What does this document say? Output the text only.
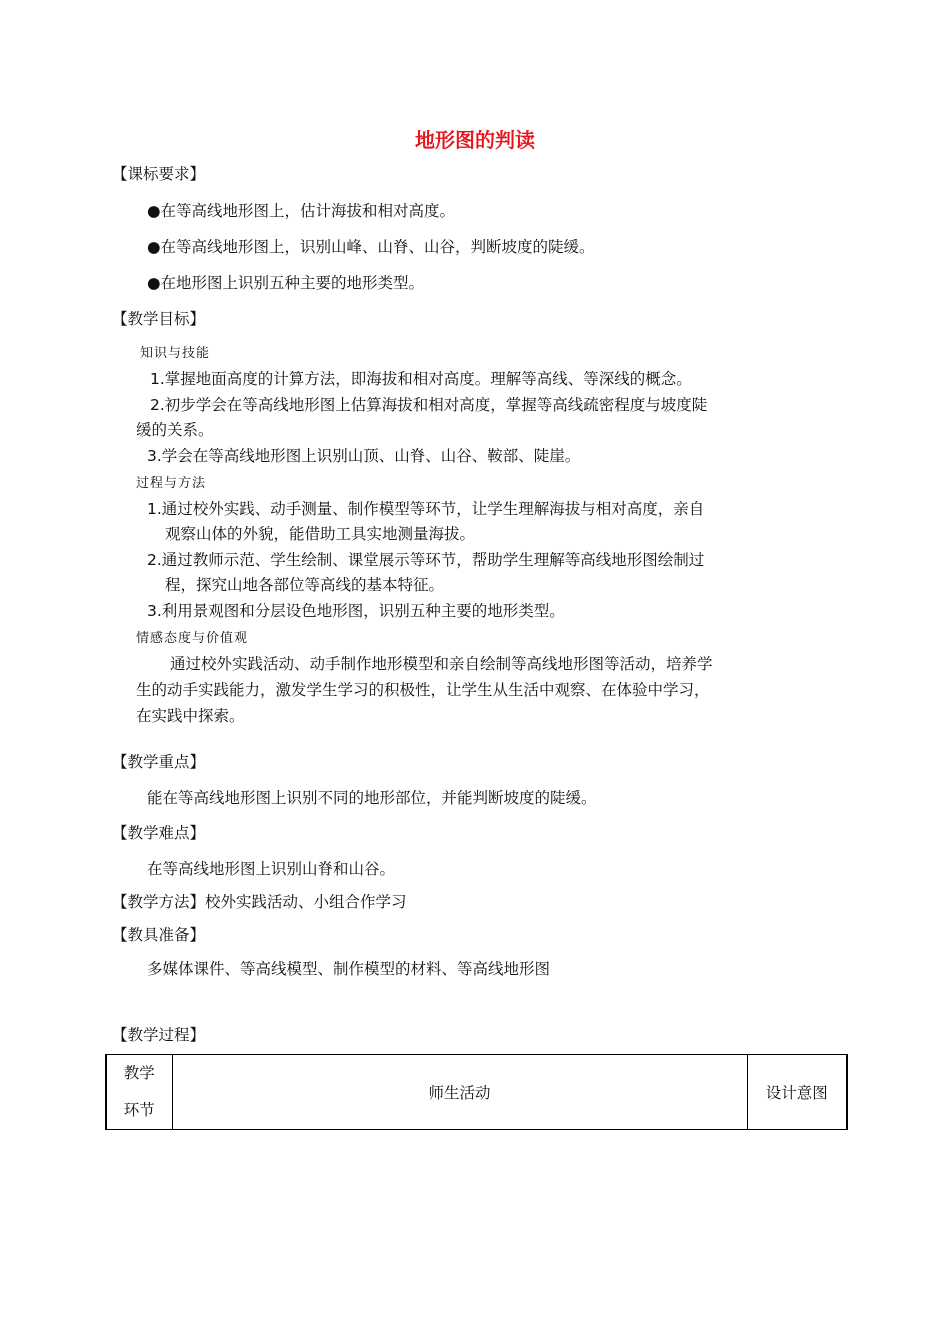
地形图的判读
【课标要求】
●在等高线地形图上，估计海拔和相对高度。
●在等高线地形图上，识别山峰、山脊、山谷，判断坡度的陡缓。
●在地形图上识别五种主要的地形类型。
【教学目标】
知识与技能
1.掌握地面高度的计算方法，即海拔和相对高度。理解等高线、等深线的概念。
2.初步学会在等高线地形图上估算海拔和相对高度，掌握等高线疏密程度与坡度陡
缓的关系。
3.学会在等高线地形图上识别山顶、山脊、山谷、鞍部、陡崖。
过程与方法
1.通过校外实践、动手测量、制作模型等环节，让学生理解海拔与相对高度，亲自
观察山体的外貌，能借助工具实地测量海拔。
2.通过教师示范、学生绘制、课堂展示等环节，帮助学生理解等高线地形图绘制过
程，探究山地各部位等高线的基本特征。
3.利用景观图和分层设色地形图，识别五种主要的地形类型。
情感态度与价值观
通过校外实践活动、动手制作地形模型和亲自绘制等高线地形图等活动，培养学
生的动手实践能力，激发学生学习的积极性，让学生从生活中观察、在体验中学习，
在实践中探索。
【教学重点】
能在等高线地形图上识别不同的地形部位，并能判断坡度的陡缓。
【教学难点】
在等高线地形图上识别山脊和山谷。
【教学方法】校外实践活动、小组合作学习
【教具准备】
多媒体课件、等高线模型、制作模型的材料、等高线地形图
【教学过程】
教学
环节
	师生活动	设计意图
